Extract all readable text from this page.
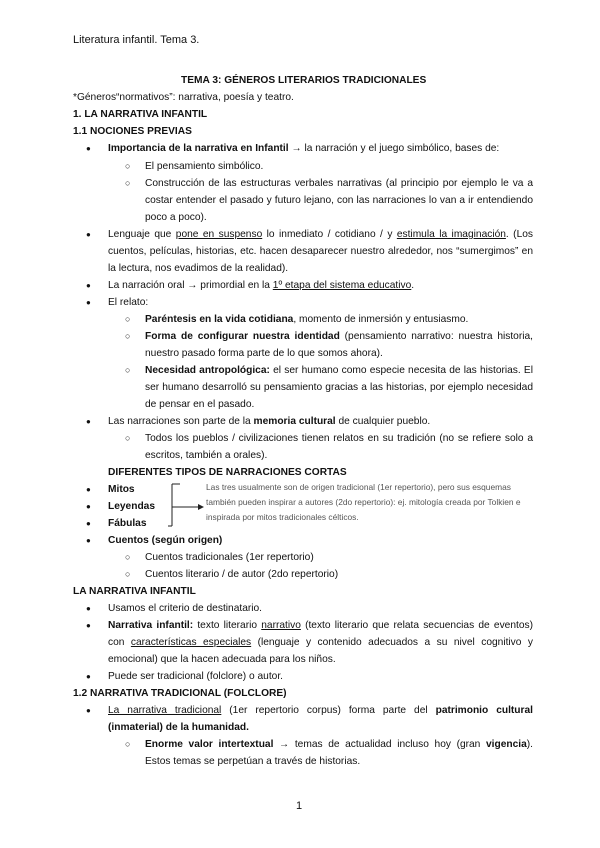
Literatura infantil. Tema 3.
TEMA 3: GÉNEROS LITERARIOS TRADICIONALES
*Géneros“normativos”: narrativa, poesía y teatro.
1. LA NARRATIVA INFANTIL
1.1 NOCIONES PREVIAS
● Importancia de la narrativa en Infantil → la narración y el juego simbólico, bases de:
○ El pensamiento simbólico.
○ Construcción de las estructuras verbales narrativas (al principio por ejemplo le va a costar entender el pasado y futuro lejano, con las narraciones lo van a ir entendiendo poco a poco).
● Lenguaje que pone en suspenso lo inmediato / cotidiano / y estimula la imaginación. (Los cuentos, películas, historias, etc. hacen desaparecer nuestro alrededor, nos “sumergimos” en la lectura, nos evadimos de la realidad).
● La narración oral → primordial en la 1º etapa del sistema educativo.
● El relato:
○ Paréntesis en la vida cotidiana, momento de inmersión y entusiasmo.
○ Forma de configurar nuestra identidad (pensamiento narrativo: nuestra historia, nuestro pasado forma parte de lo que somos ahora).
○ Necesidad antropológica: el ser humano como especie necesita de las historias. El ser humano desarrolló su pensamiento gracias a las historias, por ejemplo necesidad de pensar en el pasado.
● Las narraciones son parte de la memoria cultural de cualquier pueblo.
○ Todos los pueblos / civilizaciones tienen relatos en su tradición (no se refiere solo a escritos, también a orales).
DIFERENTES TIPOS DE NARRACIONES CORTAS
● Mitos
● Leyendas
● Fábulas
● Cuentos (según origen)
○ Cuentos tradicionales (1er repertorio)
○ Cuentos literario / de autor (2do repertorio)
LA NARRATIVA INFANTIL
● Usamos el criterio de destinatario.
● Narrativa infantil: texto literario narrativo (texto literario que relata secuencias de eventos) con características especiales (lenguaje y contenido adecuados a su nivel cognitivo y emocional) que la hacen adecuada para los niños.
● Puede ser tradicional (folclore) o autor.
1.2 NARRATIVA TRADICIONAL (FOLCLORE)
● La narrativa tradicional (1er repertorio corpus) forma parte del patrimonio cultural (inmaterial) de la humanidad.
○ Enorme valor intertextual → temas de actualidad incluso hoy (gran vigencia). Estos temas se perpetúan a través de historias.
Las tres usualmente son de origen tradicional (1er repertorio), pero sus esquemas también pueden inspirar a autores (2do repertorio): ej. mitología creada por Tolkien e inspirada por mitos tradicionales célticos.
1
